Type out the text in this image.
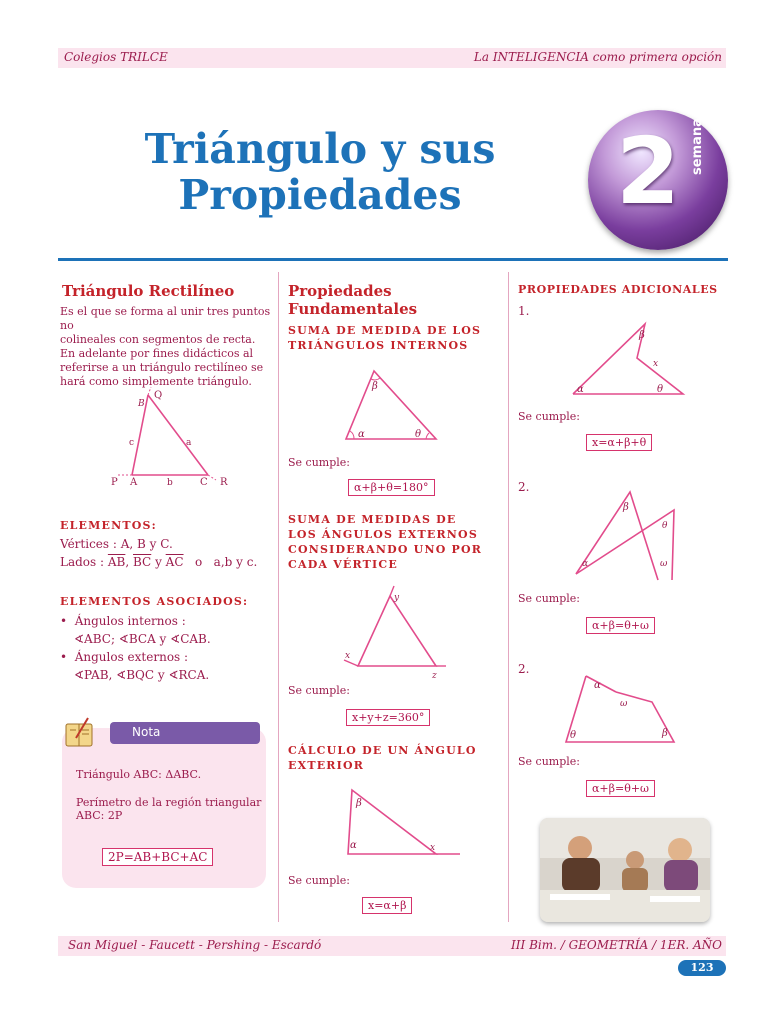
Colegios TRILCE	La INTELIGENCIA como primera opción
Triángulo y sus
Propiedades	2 semana
Triángulo Rectilíneo
Es el que se forma al unir tres puntos no
colineales con segmentos de recta.
En adelante por fines didácticos al
referirse a un triángulo rectilíneo se
hará como simplemente triángulo.
B
Q
c	a
P A	b	C R
ELEMENTOS:
Vértices : A, B y C.
Lados : $\overline{AB}$, $\overline{BC}$ y $\overline{AC}$ o a,b y c.
ELEMENTOS ASOCIADOS:
•  Ángulos internos :
∢ABC; ∢BCA y ∢CAB.
•  Ángulos externos :
∢PAB, ∢BQC y ∢RCA.
Nota
Triángulo ABC: ΔABC.
Perímetro de la región triangular
ABC: 2P
2P=AB+BC+AC
Propiedades
Fundamentales
SUMA DE MEDIDA DE LOS
TRIÁNGULOS INTERNOS
β
α	θ
Se cumple:
α+β+θ=180°
SUMA DE MEDIDAS DE
LOS ÁNGULOS EXTERNOS
CONSIDERANDO UNO POR
CADA VÉRTICE
y
x
z
Se cumple:
x+y+z=360°
CÁLCULO DE UN ÁNGULO
EXTERIOR
β
α	x
Se cumple:
x=α+β
PROPIEDADES ADICIONALES
1.
β
x
α	θ
Se cumple:
x=α+β+θ
2.
β
θ
α	ω
Se cumple:
α+β=θ+ω
2.
α
ω
θ	β
Se cumple:
α+β=θ+ω
San Miguel - Faucett - Pershing - Escardó	III Bim. / GEOMETRÍA / 1ER. AÑO
123
